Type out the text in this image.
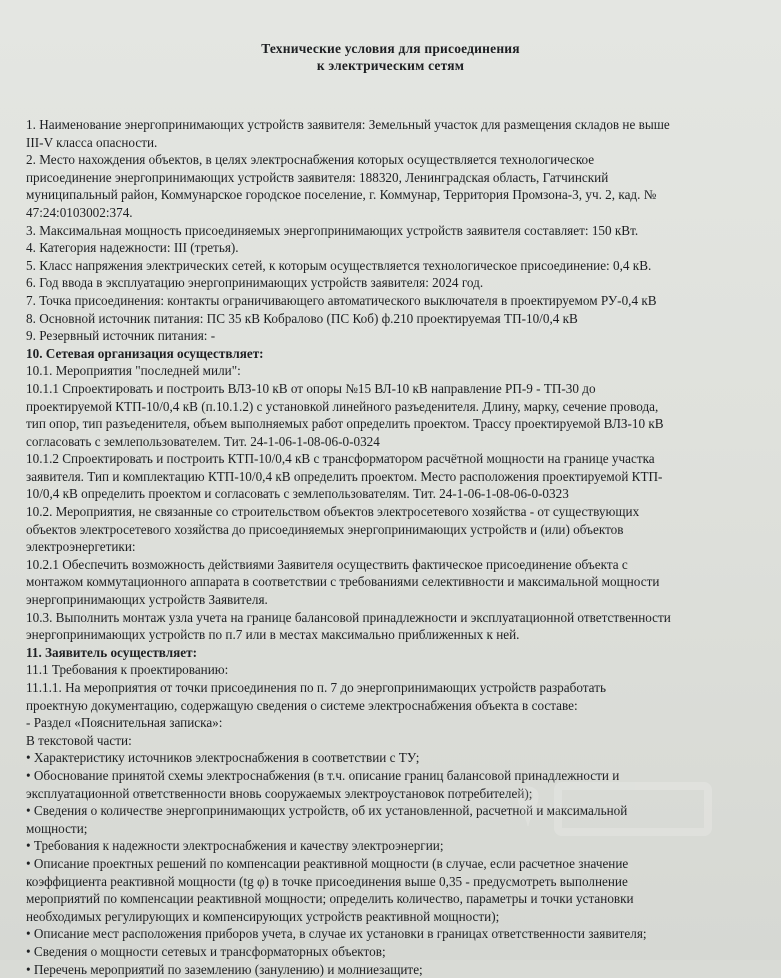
Технические условия для присоединения
к электрическим сетям
1. Наименование энергопринимающих устройств заявителя: Земельный участок для размещения складов не выше
III-V класса опасности.
2. Место нахождения объектов, в целях электроснабжения которых осуществляется технологическое
присоединение энергопринимающих устройств заявителя: 188320, Ленинградская область, Гатчинский
муниципальный район, Коммунарское городское поселение, г. Коммунар, Территория Промзона-3, уч. 2, кад. №
47:24:0103002:374.
3. Максимальная мощность присоединяемых энергопринимающих устройств заявителя составляет: 150 кВт.
4. Категория надежности: III (третья).
5. Класс напряжения электрических сетей, к которым осуществляется технологическое присоединение: 0,4 кВ.
6. Год ввода в эксплуатацию энергопринимающих устройств заявителя: 2024 год.
7. Точка присоединения: контакты ограничивающего автоматического выключателя в проектируемом РУ-0,4 кВ
8. Основной источник питания: ПС 35 кВ Кобралово (ПС Коб) ф.210 проектируемая ТП-10/0,4 кВ
9. Резервный источник питания: -
10. Сетевая организация осуществляет:
10.1. Мероприятия "последней мили":
10.1.1 Спроектировать и построить ВЛЗ-10 кВ от опоры №15 ВЛ-10 кВ направление РП-9 - ТП-30 до
проектируемой КТП-10/0,4 кВ (п.10.1.2) с установкой линейного разъеденителя. Длину, марку, сечение провода,
тип опор, тип разъеденителя, объем выполняемых работ определить проектом. Трассу проектируемой ВЛЗ-10 кВ
согласовать с землепользователем. Тит. 24-1-06-1-08-06-0-0324
10.1.2 Спроектировать и построить КТП-10/0,4 кВ с трансформатором расчётной мощности на границе участка
заявителя. Тип и комплектацию КТП-10/0,4 кВ определить проектом. Место расположения проектируемой КТП-
10/0,4 кВ определить проектом и согласовать с землепользователям. Тит. 24-1-06-1-08-06-0-0323
10.2. Мероприятия, не связанные со строительством объектов электросетевого хозяйства - от существующих
объектов электросетевого хозяйства до присоединяемых энергопринимающих устройств и (или) объектов
электроэнергетики:
10.2.1 Обеспечить возможность действиями Заявителя осуществить фактическое присоединение объекта с
монтажом коммутационного аппарата в соответствии с требованиями селективности и максимальной мощности
энергопринимающих устройств Заявителя.
10.3. Выполнить монтаж узла учета на границе балансовой принадлежности и эксплуатационной ответственности
энергопринимающих устройств по п.7 или в местах максимально приближенных к ней.
11. Заявитель осуществляет:
11.1 Требования к проектированию:
11.1.1. На мероприятия от точки присоединения по п. 7 до энергопринимающих устройств разработать
проектную документацию, содержащую сведения о системе электроснабжения объекта в составе:
- Раздел «Пояснительная записка»:
В текстовой части:
• Характеристику источников электроснабжения в соответствии с ТУ;
• Обоснование принятой схемы электроснабжения (в т.ч. описание границ балансовой принадлежности и
эксплуатационной ответственности вновь сооружаемых электроустановок потребителей);
• Сведения о количестве энергопринимающих устройств, об их установленной, расчетной и максимальной
мощности;
• Требования к надежности электроснабжения и качеству электроэнергии;
• Описание проектных решений по компенсации реактивной мощности (в случае, если расчетное значение
коэффициента реактивной мощности (tg φ) в точке присоединения выше 0,35 - предусмотреть выполнение
мероприятий по компенсации реактивной мощности; определить количество, параметры и точки установки
необходимых регулирующих и компенсирующих устройств реактивной мощности);
• Описание мест расположения приборов учета, в случае их установки в границах ответственности заявителя;
• Сведения о мощности сетевых и трансформаторных объектов;
• Перечень мероприятий по заземлению (занулению) и молниезащите;
